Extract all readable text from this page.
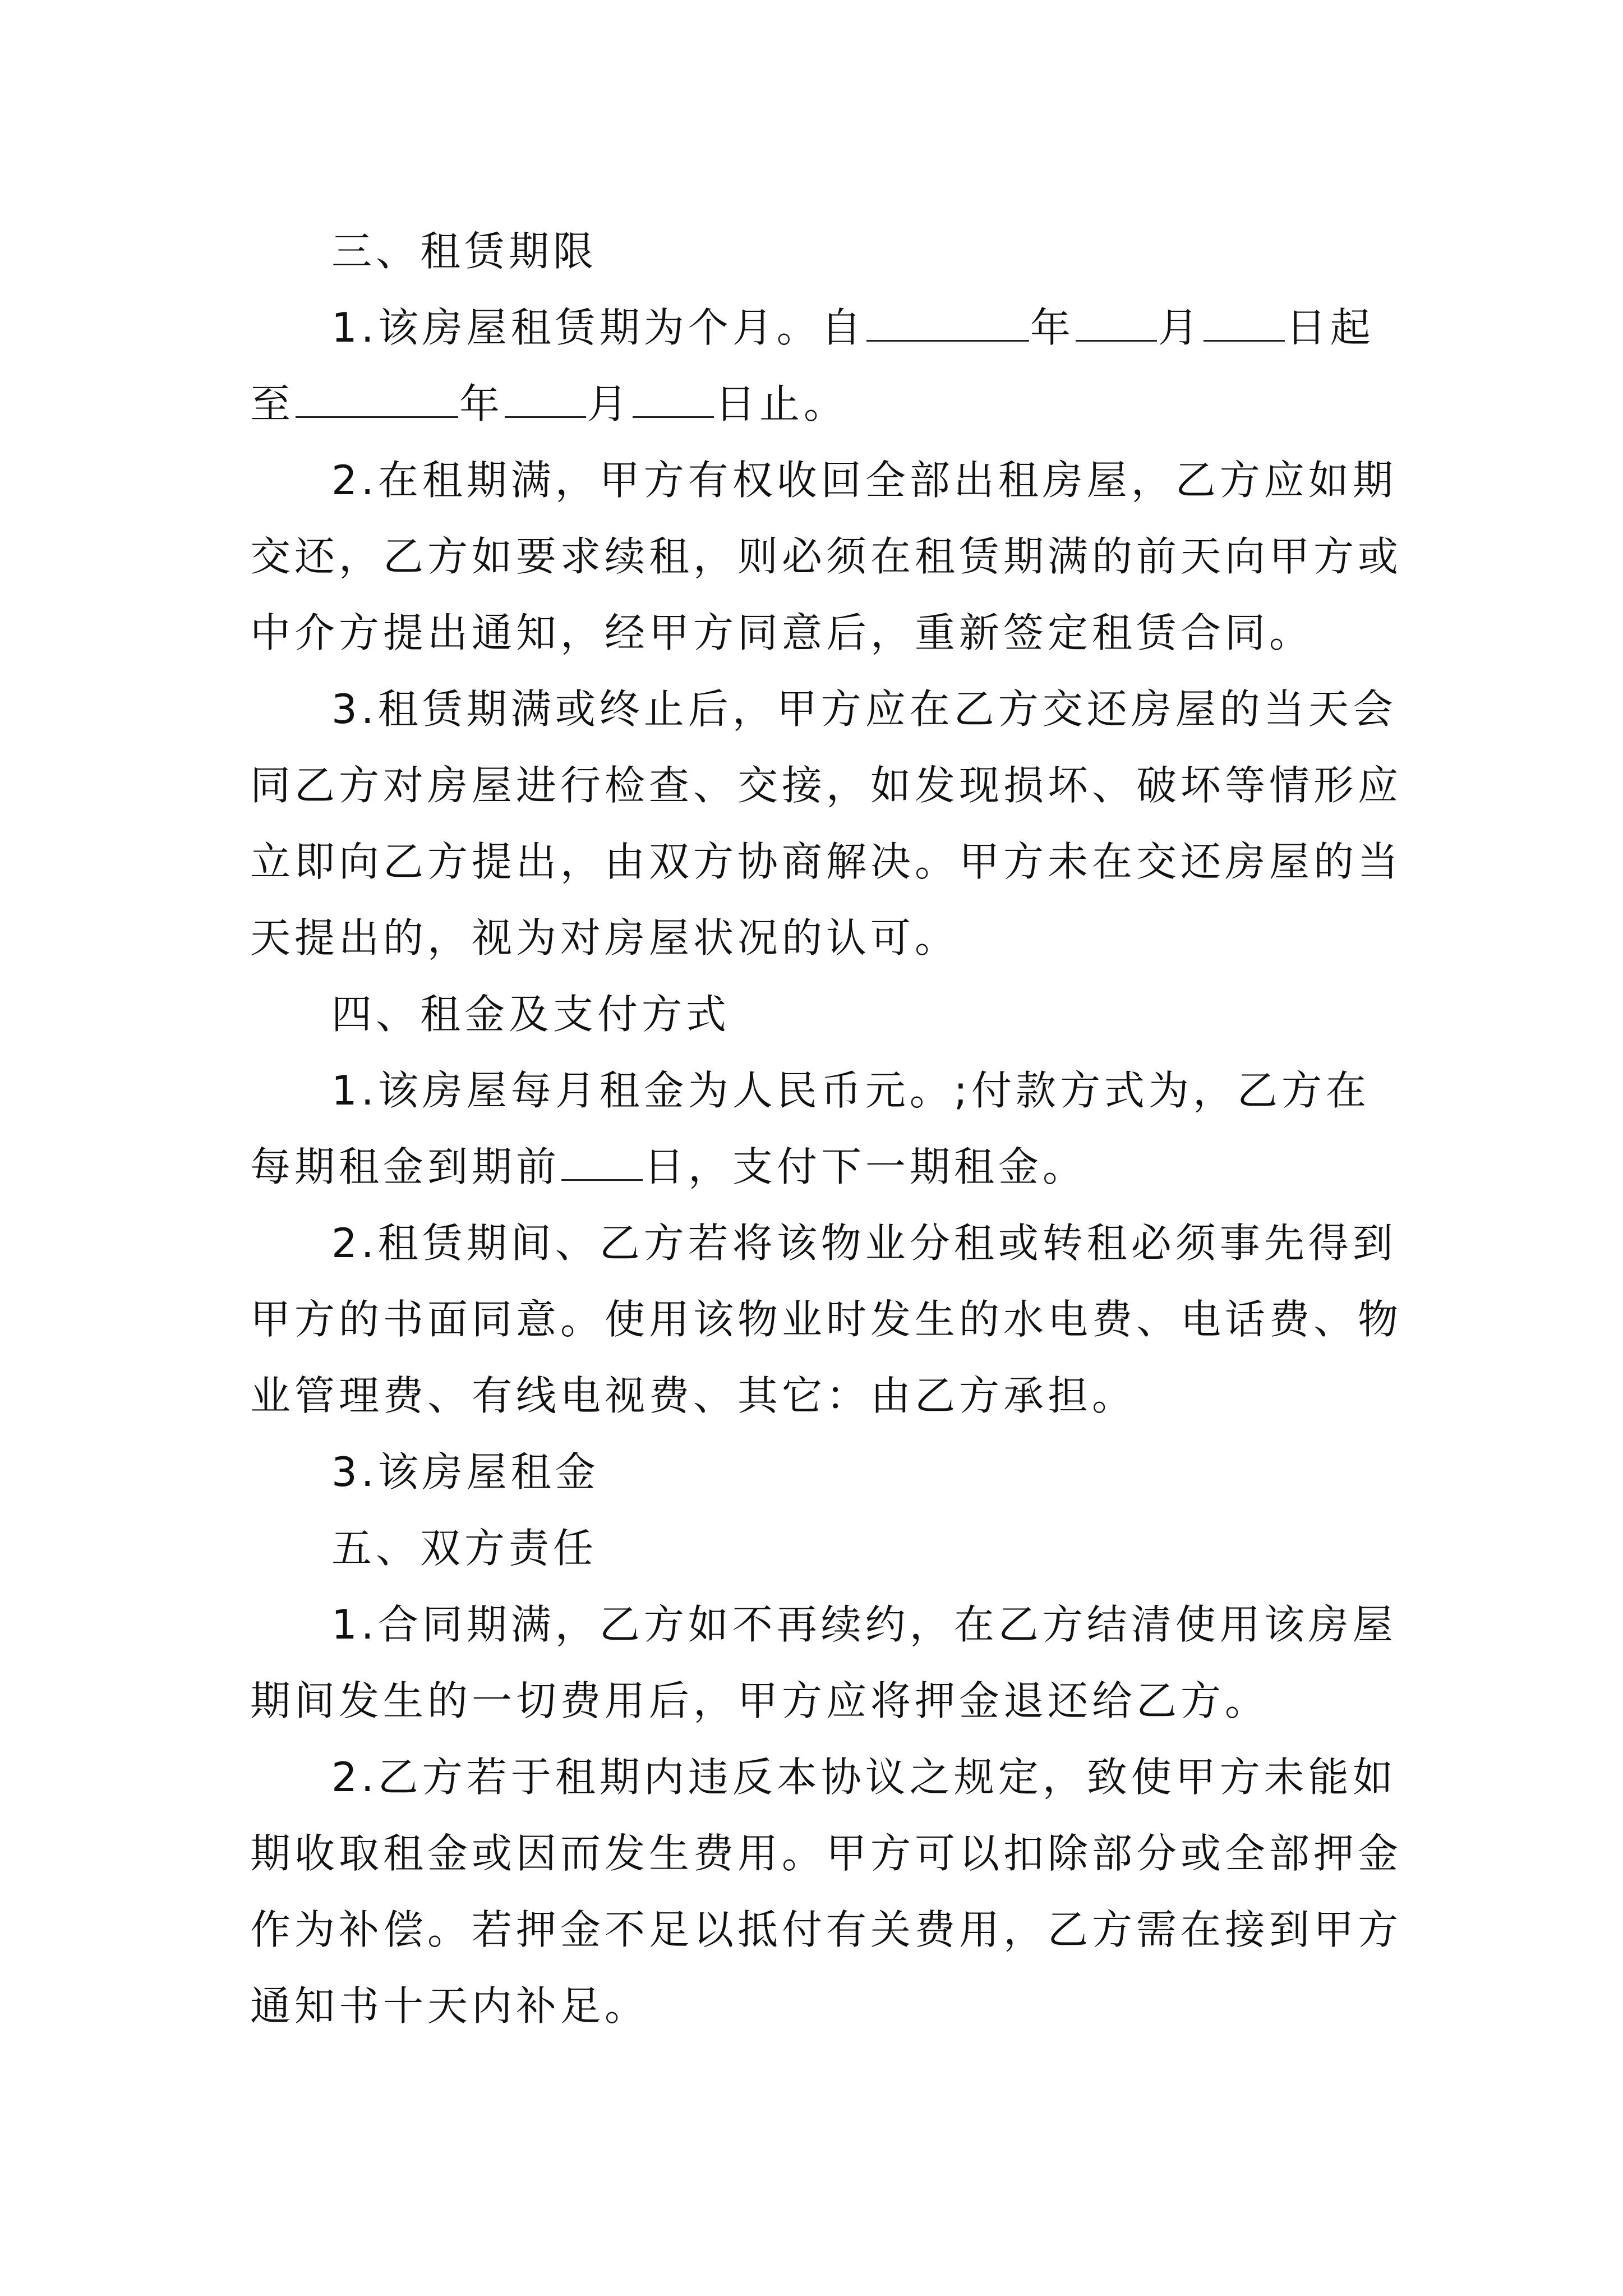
三、租赁期限
1.该房屋租赁期为个月。自	年 月 日起
至	年 月 日止。
2.在租期满，甲方有权收回全部出租房屋，乙方应如期
交还，乙方如要求续租，则必须在租赁期满的前天向甲方或
中介方提出通知，经甲方同意后，重新签定租赁合同。
3.租赁期满或终止后，甲方应在乙方交还房屋的当天会
同乙方对房屋进行检查、交接，如发现损坏、破坏等情形应
立即向乙方提出，由双方协商解决。甲方未在交还房屋的当
天提出的，视为对房屋状况的认可。
四、租金及支付方式
1.该房屋每月租金为人民币元。;付款方式为，乙方在
每期租金到期前 日，支付下一期租金。
2.租赁期间、乙方若将该物业分租或转租必须事先得到
甲方的书面同意。使用该物业时发生的水电费、电话费、物
业管理费、有线电视费、其它：由乙方承担。
3.该房屋租金
五、双方责任
1.合同期满，乙方如不再续约，在乙方结清使用该房屋
期间发生的一切费用后，甲方应将押金退还给乙方。
2.乙方若于租期内违反本协议之规定，致使甲方未能如
期收取租金或因而发生费用。甲方可以扣除部分或全部押金
作为补偿。若押金不足以抵付有关费用，乙方需在接到甲方
通知书十天内补足。
